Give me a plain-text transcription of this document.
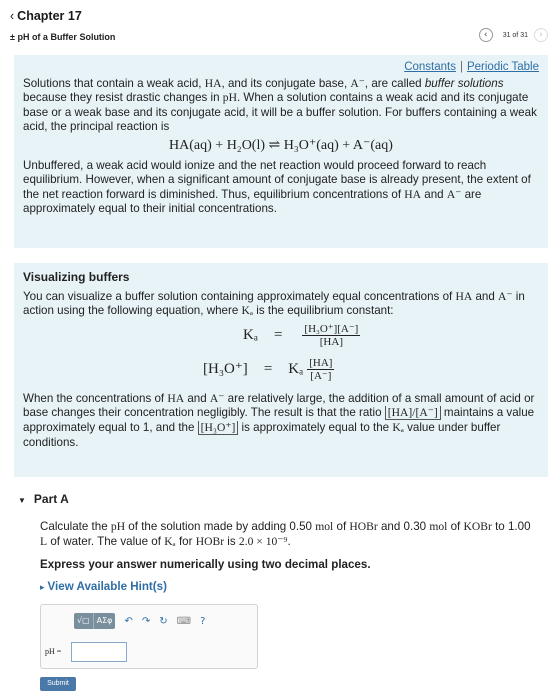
‹ Chapter 17
± pH of a Buffer Solution	‹	31 of 31	›
Constants | Periodic Table

Solutions that contain a weak acid, HA, and its conjugate base, A⁻, are called buffer solutions because they resist drastic changes in pH. When a solution contains a weak acid and its conjugate base or a weak base and its conjugate acid, it will be a buffer solution. For buffers containing a weak acid, the principal reaction is

HA(aq) + H₂O(l) ⇌ H₃O⁺(aq) + A⁻(aq)

Unbuffered, a weak acid would ionize and the net reaction would proceed forward to reach equilibrium. However, when a significant amount of conjugate base is already present, the extent of the net reaction forward is diminished. Thus, equilibrium concentrations of HA and A⁻ are approximately equal to their initial concentrations.

Visualizing buffers

You can visualize a buffer solution containing approximately equal concentrations of HA and A⁻ in action using the following equation, where Kₐ is the equilibrium constant:

$K_a = \frac{\text{[H₃O⁺][A⁻]}}{[HA]}$
[H₃O⁺] = Kₐ $\frac{[HA]}{[A^-]}$

When the concentrations of HA and A⁻ are relatively large, the addition of a small amount of acid or base changes their concentration negligibly. The result is that the ratio [HA]/[A⁻] maintains a value approximately equal to 1, and the [H₃O⁺] is approximately equal to the Kₐ value under buffer conditions.

▼ Part A

Calculate the pH of the solution made by adding 0.50 mol of HOBr and 0.30 mol of KOBr to 1.00 L of water. The value of Kₐ for HOBr is 2.0 × 10⁻⁹.

Express your answer numerically using two decimal places.
▸ View Available Hint(s)
√▢ ΑΣφ	↶ ↷ ↻ ⌨ ?
pH =
Submit
